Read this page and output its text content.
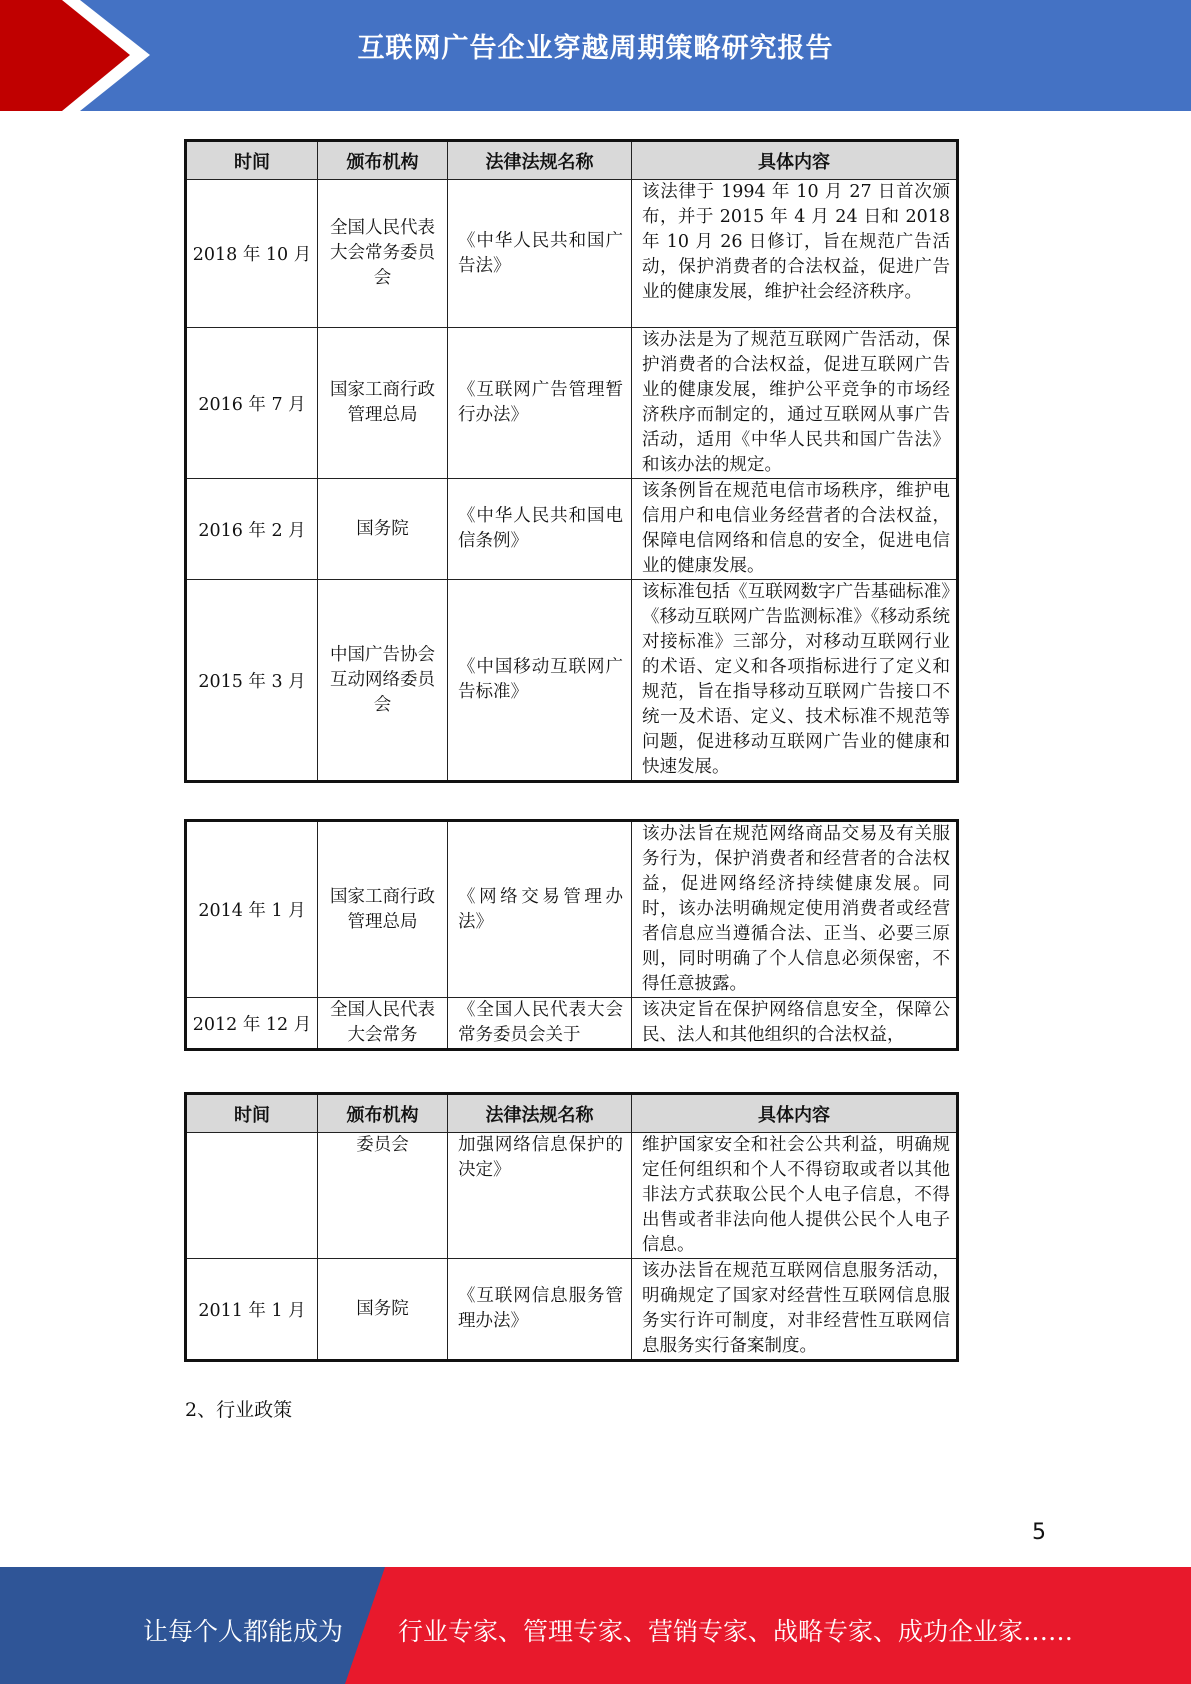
互联网广告企业穿越周期策略研究报告
时间	颁布机构	法律法规名称	具体内容
2018 年 10 月	全国人民代表大会常务委员会	《中华人民共和国广告法》	该法律于 1994 年 10 月 27 日首次颁布，并于 2015 年 4 月 24 日和 2018 年 10 月 26 日修订，旨在规范广告活动，保护消费者的合法权益，促进广告业的健康发展，维护社会经济秩序。
2016 年 7 月	国家工商行政管理总局	《互联网广告管理暂行办法》	该办法是为了规范互联网广告活动，保护消费者的合法权益，促进互联网广告业的健康发展，维护公平竞争的市场经济秩序而制定的，通过互联网从事广告活动，适用《中华人民共和国广告法》和该办法的规定。
2016 年 2 月	国务院	《中华人民共和国电信条例》	该条例旨在规范电信市场秩序，维护电信用户和电信业务经营者的合法权益，保障电信网络和信息的安全，促进电信业的健康发展。
2015 年 3 月	中国广告协会互动网络委员会	《中国移动互联网广告标准》	该标准包括《互联网数字广告基础标准》《移动互联网广告监测标准》《移动系统对接标准》三部分，对移动互联网行业的术语、定义和各项指标进行了定义和规范，旨在指导移动互联网广告接口不统一及术语、定义、技术标准不规范等问题，促进移动互联网广告业的健康和快速发展。
2014 年 1 月	国家工商行政管理总局	《网络交易管理办法》	该办法旨在规范网络商品交易及有关服务行为，保护消费者和经营者的合法权益，促进网络经济持续健康发展。同时，该办法明确规定使用消费者或经营者信息应当遵循合法、正当、必要三原则，同时明确了个人信息必须保密，不得任意披露。
2012 年 12 月	全国人民代表大会常务	《全国人民代表大会常务委员会关于	该决定旨在保护网络信息安全，保障公民、法人和其他组织的合法权益，
时间	颁布机构	法律法规名称	具体内容
	委员会	加强网络信息保护的决定》	维护国家安全和社会公共利益，明确规定任何组织和个人不得窃取或者以其他非法方式获取公民个人电子信息，不得出售或者非法向他人提供公民个人电子信息。
2011 年 1 月	国务院	《互联网信息服务管理办法》	该办法旨在规范互联网信息服务活动，明确规定了国家对经营性互联网信息服务实行许可制度，对非经营性互联网信息服务实行备案制度。
2、行业政策
5
让每个人都能成为 行业专家、管理专家、营销专家、战略专家、成功企业家……
